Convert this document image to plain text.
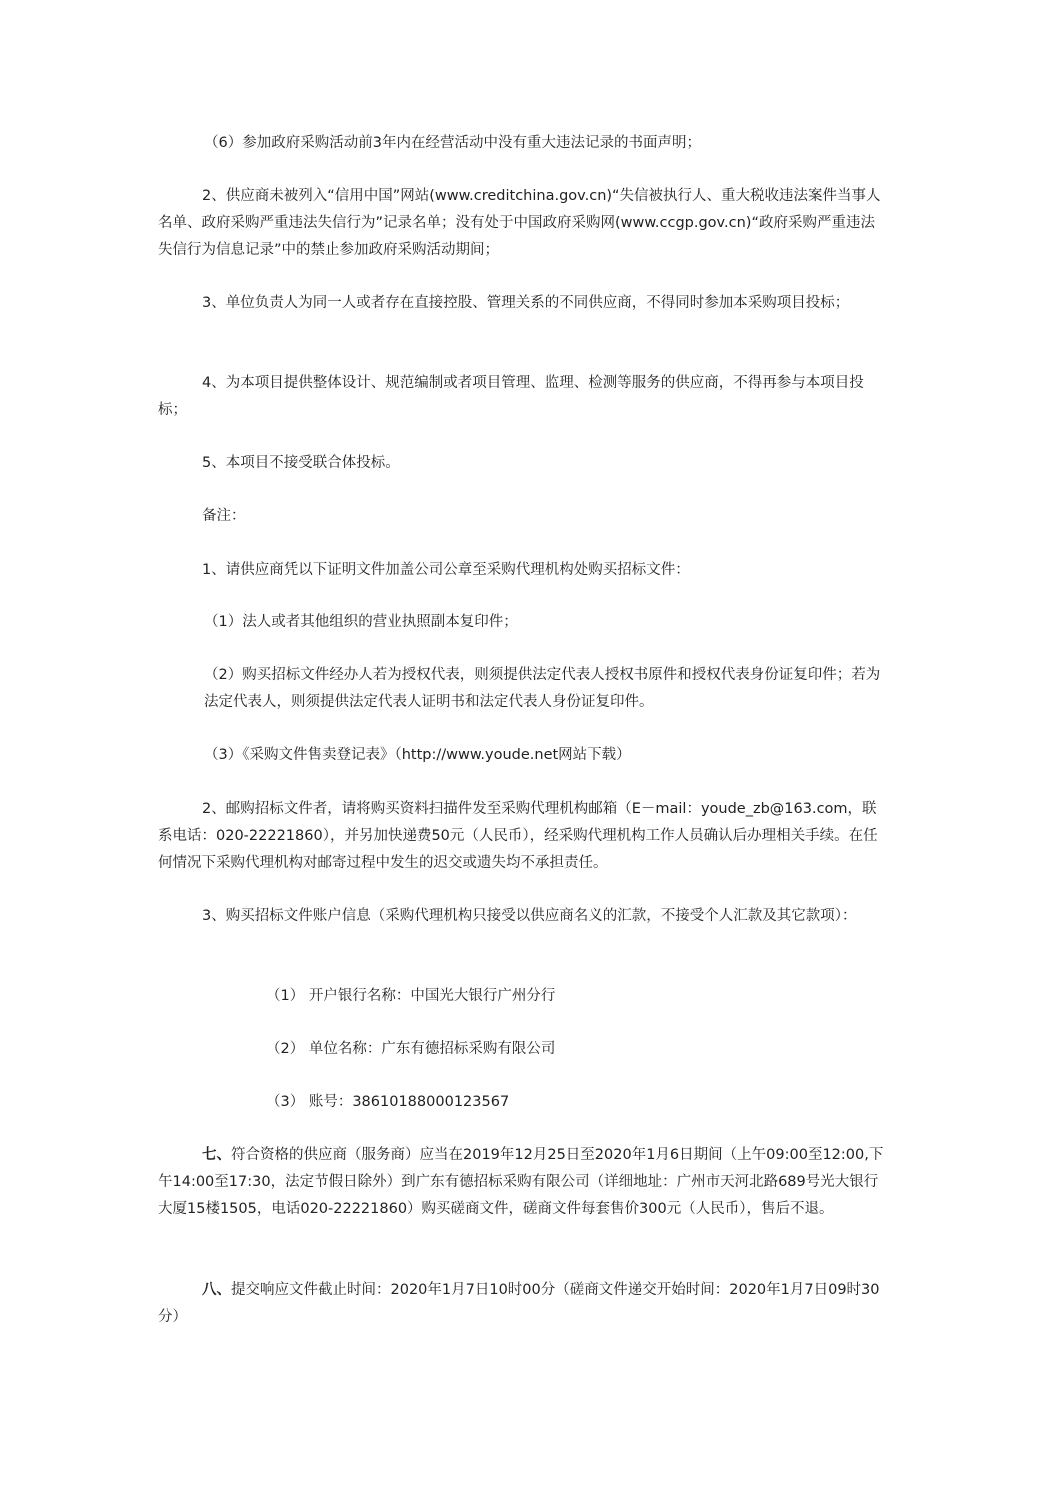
（6）参加政府采购活动前3年内在经营活动中没有重大违法记录的书面声明；

2、供应商未被列入“信用中国”网站(www.creditchina.gov.cn)“失信被执行人、重大税收违法案件当事人名单、政府采购严重违法失信行为”记录名单；没有处于中国政府采购网(www.ccgp.gov.cn)“政府采购严重违法失信行为信息记录”中的禁止参加政府采购活动期间；

3、单位负责人为同一人或者存在直接控股、管理关系的不同供应商，不得同时参加本采购项目投标；

4、为本项目提供整体设计、规范编制或者项目管理、监理、检测等服务的供应商，不得再参与本项目投标；

5、本项目不接受联合体投标。

备注：

1、请供应商凭以下证明文件加盖公司公章至采购代理机构处购买招标文件：

（1）法人或者其他组织的营业执照副本复印件；

（2）购买招标文件经办人若为授权代表，则须提供法定代表人授权书原件和授权代表身份证复印件；若为法定代表人，则须提供法定代表人证明书和法定代表人身份证复印件。

（3）《采购文件售卖登记表》（http://www.youde.net网站下载）

2、邮购招标文件者，请将购买资料扫描件发至采购代理机构邮箱（E－mail：youde_zb@163.com，联系电话：020-22221860），并另加快递费50元（人民币），经采购代理机构工作人员确认后办理相关手续。在任何情况下采购代理机构对邮寄过程中发生的迟交或遗失均不承担责任。

3、购买招标文件账户信息（采购代理机构只接受以供应商名义的汇款，不接受个人汇款及其它款项）：

（1） 开户银行名称：中国光大银行广州分行

（2） 单位名称：广东有德招标采购有限公司

（3） 账号：38610188000123567

七、符合资格的供应商（服务商）应当在2019年12月25日至2020年1月6日期间（上午09:00至12:00,下午14:00至17:30，法定节假日除外）到广东有德招标采购有限公司（详细地址：广州市天河北路689号光大银行大厦15楼1505，电话020-22221860）购买磋商文件，磋商文件每套售价300元（人民币），售后不退。

八、提交响应文件截止时间：2020年1月7日10时00分（磋商文件递交开始时间：2020年1月7日09时30分）
